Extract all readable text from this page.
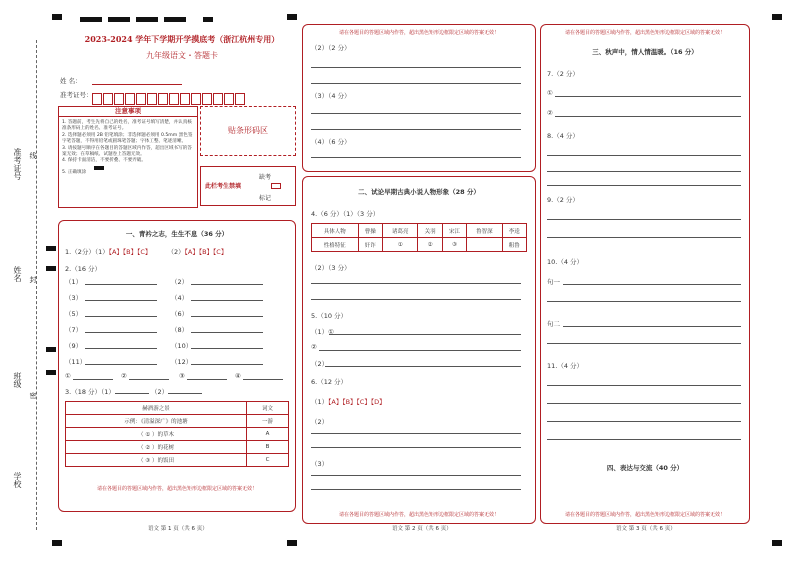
准考证号 线
姓名 封
班级
密
学校
2023-2024 学年下学期开学摸底考（浙江杭州专用）
九年级语文・答题卡
姓 名：
准考证号：
注意事项
1. 答题前，考生先将自己的姓名，准考证号填写清楚，并认真核准条形码上的姓名、准考证号。
2. 选择题必须用 2B 铅笔填涂；非选择题必须用 0.5mm 黑色签字笔答题，不得用铅笔或圆珠笔答题；字体工整、笔迹清晰。
3. 请按题号顺序在各题目的答题区域内作答，超出区域书写的答案无效；在草稿纸、试题卷上答题无效。
4. 保持卡面清洁，不要折叠、不要弄破。
5. 正确填涂
贴条形码区
此栏考生禁填
缺考
标记
一、青衿之志，生生不息（36 分）
1.（2分）（1）【A】【B】【C】 （2）【A】【B】【C】
2.（16 分）
（1）	（2）
（3）	（4）
（5）	（6）
（7）	（8）
（9）	（10）
（11）	（12）
3.（18 分）（1）	（2）
①	②	③	④
赫酒游之景	词文
示例：《清溢深广》的池塘	一游
（ ① ）的草木	A
（ ② ）的花树	B
（ ③ ）的饭田	C
请在各题目的答题区域内作答，超出黑色矩形边框限定区域的答案无效！
语文 第 1 页（共 6 页）
请在各题目的答题区域内作答，超出黑色矩形边框限定区域的答案无效！
（2）（2 分）
（3）（4 分）
（4）（6 分）
二、试论早期古典小说人物形象（28 分）
4.（6 分）（1）（3 分）
具体人物	曹操	诸葛亮	关羽	宋江	鲁智深	李逵
性格特征	奸诈	①	②	③		粗鲁
（2）（3 分）
5.（10 分）
（1）①
②
（2）
6.（12 分）
（1）【A】【B】【C】【D】
（2）
（3）
请在各题目的答题区域内作答，超出黑色矩形边框限定区域的答案无效！
语文 第 2 页（共 6 页）
请在各题目的答题区域内作答，超出黑色矩形边框限定区域的答案无效！
三、秋声中，情人情温暖。（16 分）
7.（2 分）
①
②
8.（4 分）
9.（2 分）
10.（4 分）
句一
句二
11.（4 分）
四、表达与交流（40 分）
请在各题目的答题区域内作答，超出黑色矩形边框限定区域的答案无效！
语文 第 3 页（共 6 页）
